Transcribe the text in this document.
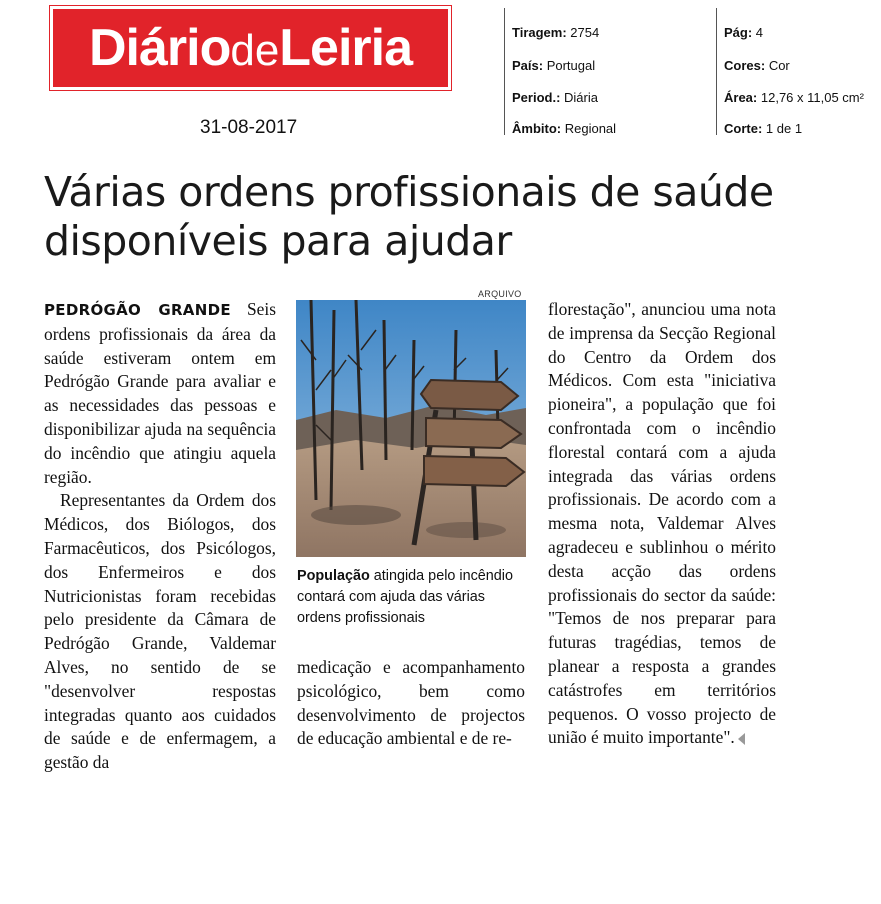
DiáriodeLeiria
31-08-2017
Tiragem: 2754
País: Portugal
Period.: Diária
Âmbito: Regional
Pág: 4
Cores: Cor
Área: 12,76 x 11,05 cm²
Corte: 1 de 1
Várias ordens profissionais de saúde disponíveis para ajudar

PEDRÓGÃO GRANDE Seis ordens profissionais da área da saúde estiveram ontem em Pedrógão Grande para avaliar e as necessidades das pessoas e disponibilizar ajuda na sequência do incêndio que atingiu aquela região.

Representantes da Ordem dos Médicos, dos Biólogos, dos Farmacêuticos, dos Psicólogos, dos Enfermeiros e dos Nutricionistas foram recebidas pelo presidente da Câmara de Pedrógão Grande, Valdemar Alves, no sentido de se "desenvolver respostas integradas quanto aos cuidados de saúde e de enfermagem, a gestão da

ARQUIVO

População atingida pelo incêndio contará com ajuda das várias ordens profissionais

medicação e acompanhamento psicológico, bem como desenvolvimento de projectos de educação ambiental e de re-

florestação", anunciou uma nota de imprensa da Secção Regional do Centro da Ordem dos Médicos. Com esta "iniciativa pioneira", a população que foi confrontada com o incêndio florestal contará com a ajuda integrada das várias ordens profissionais. De acordo com a mesma nota, Valdemar Alves agradeceu e sublinhou o mérito desta acção das ordens profissionais do sector da saúde: "Temos de nos preparar para futuras tragédias, temos de planear a resposta a grandes catástrofes em territórios pequenos. O vosso projecto de união é muito importante".
